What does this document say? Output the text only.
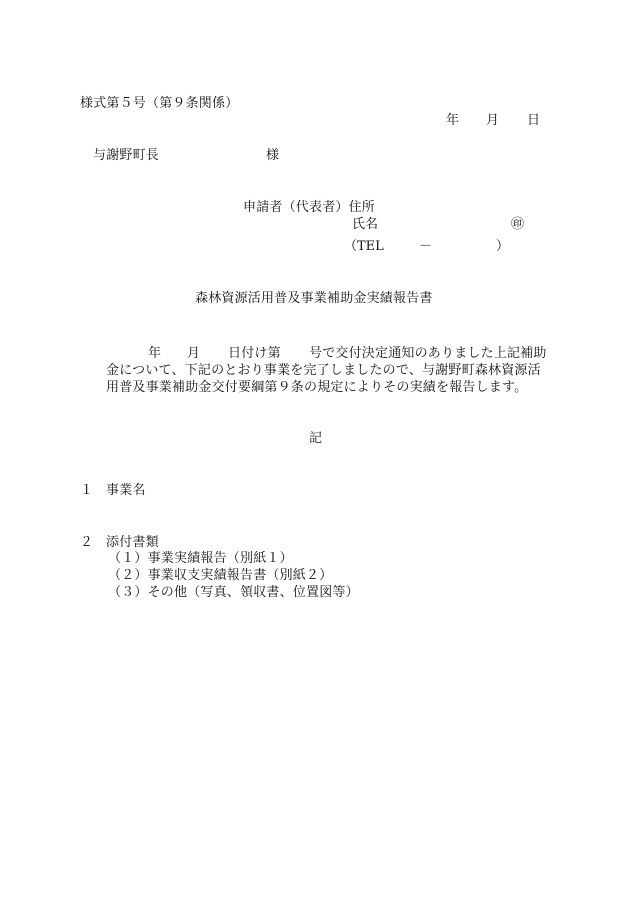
様式第５号（第９条関係）
年 月 日
与謝野町長	様
申請者（代表者）住所
氏名	㊞
（TEL	－	）
森林資源活用普及事業補助金実績報告書
年 月 日付け第 号で交付決定通知のありました上記補助
金について、下記のとおり事業を完了しましたので、与謝野町森林資源活
用普及事業補助金交付要綱第９条の規定によりその実績を報告します。
記
１ 事業名
２ 添付書類
（１）事業実績報告（別紙１）
（２）事業収支実績報告書（別紙２）
（３）その他（写真、領収書、位置図等）
